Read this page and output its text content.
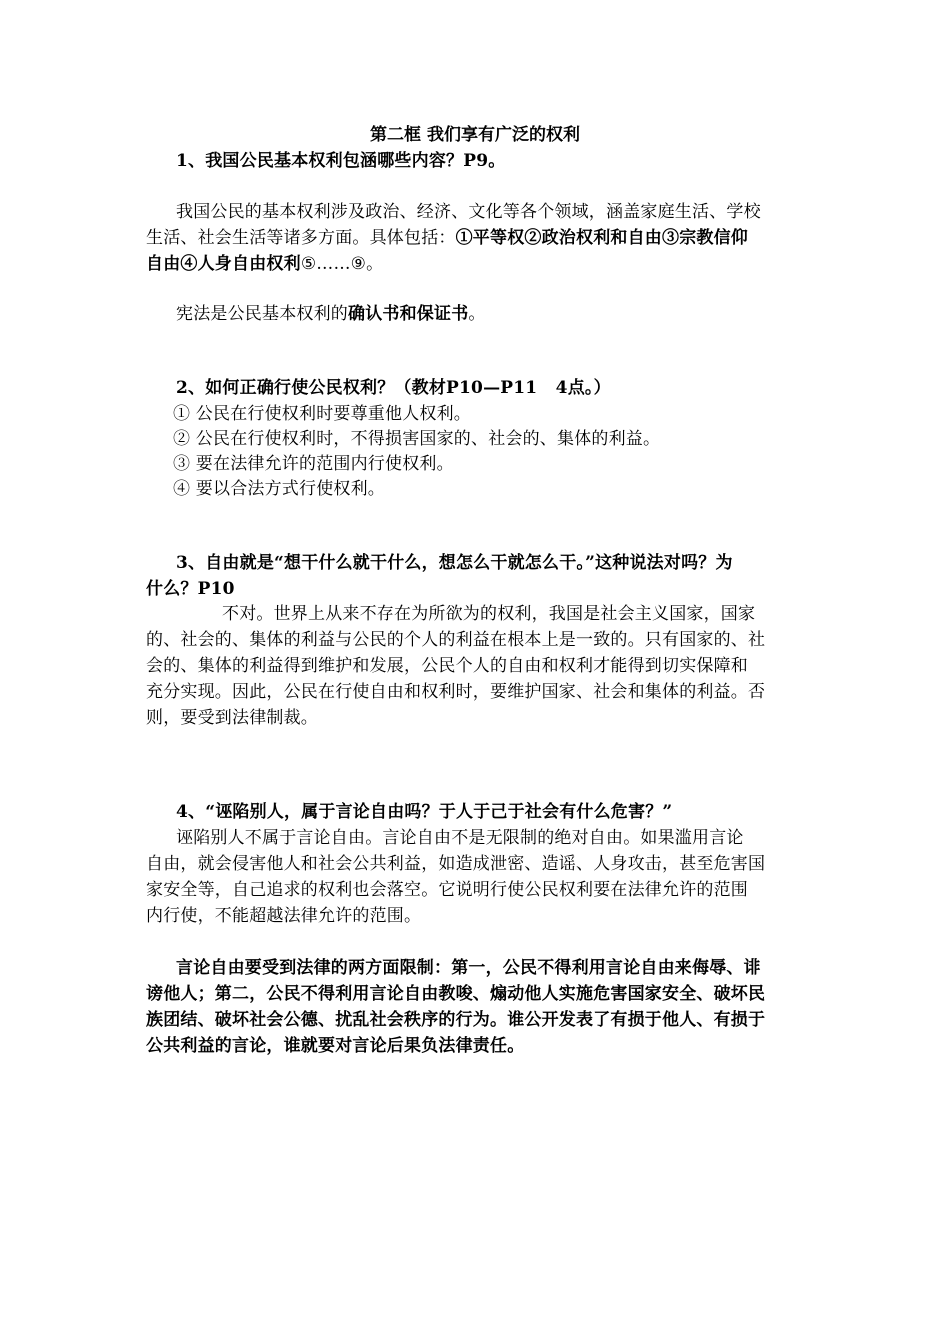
第二框 我们享有广泛的权利
1、我国公民基本权利包涵哪些内容？P9。
我国公民的基本权利涉及政治、经济、文化等各个领域，涵盖家庭生活、学校
生活、社会生活等诸多方面。具体包括：①平等权②政治权利和自由③宗教信仰
自由④人身自由权利⑤……⑨。
宪法是公民基本权利的确认书和保证书。
2、如何正确行使公民权利？（教材P10—P11   4点。）
① 公民在行使权利时要尊重他人权利。
② 公民在行使权利时，不得损害国家的、社会的、集体的利益。
③ 要在法律允许的范围内行使权利。
④ 要以合法方式行使权利。
3、自由就是“想干什么就干什么，想怎么干就怎么干。”这种说法对吗？为
什么？P10
不对。世界上从来不存在为所欲为的权利，我国是社会主义国家，国家
的、社会的、集体的利益与公民的个人的利益在根本上是一致的。只有国家的、社
会的、集体的利益得到维护和发展，公民个人的自由和权利才能得到切实保障和
充分实现。因此，公民在行使自由和权利时，要维护国家、社会和集体的利益。否
则，要受到法律制裁。
4、“诬陷别人，属于言论自由吗？于人于己于社会有什么危害？”
诬陷别人不属于言论自由。言论自由不是无限制的绝对自由。如果滥用言论
自由，就会侵害他人和社会公共利益，如造成泄密、造谣、人身攻击，甚至危害国
家安全等，自己追求的权利也会落空。它说明行使公民权利要在法律允许的范围
内行使，不能超越法律允许的范围。
言论自由要受到法律的两方面限制：第一，公民不得利用言论自由来侮辱、诽
谤他人；第二，公民不得利用言论自由教唆、煽动他人实施危害国家安全、破坏民
族团结、破坏社会公德、扰乱社会秩序的行为。谁公开发表了有损于他人、有损于
公共利益的言论，谁就要对言论后果负法律责任。
